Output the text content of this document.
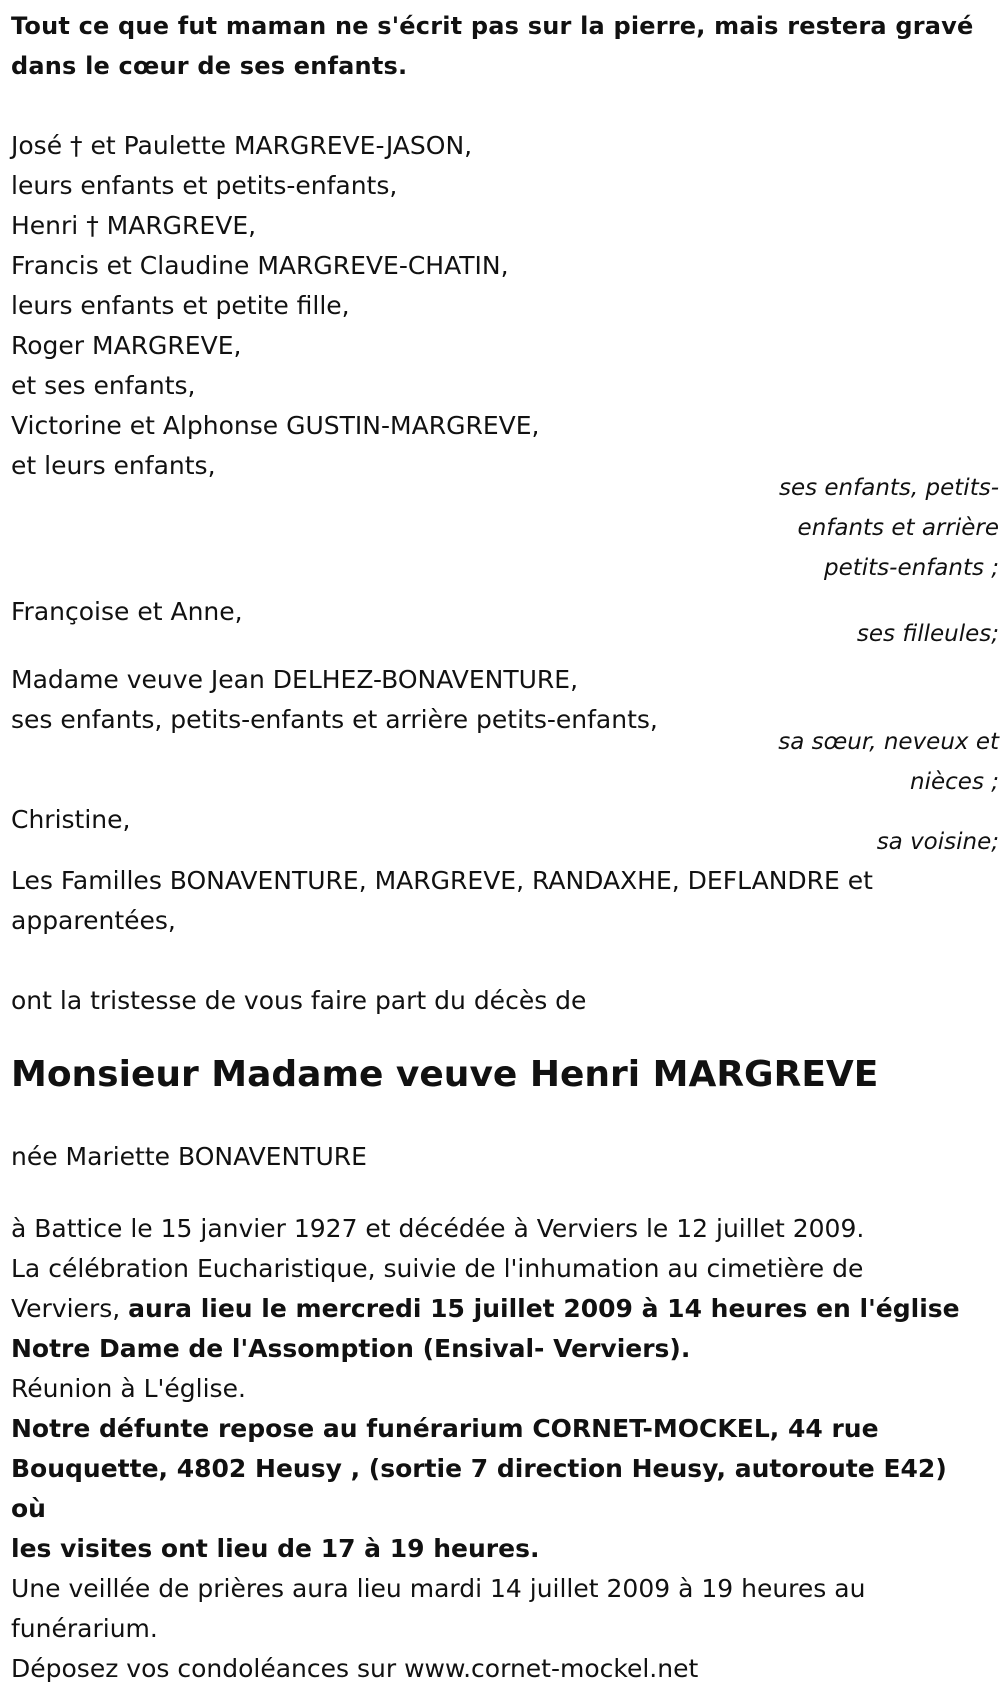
Tout ce que fut maman ne s'écrit pas sur la pierre, mais restera gravé

dans le cœur de ses enfants.

José † et Paulette MARGREVE-JASON,

leurs enfants et petits-enfants,

Henri † MARGREVE,

Francis et Claudine MARGREVE-CHATIN,

leurs enfants et petite fille,

Roger MARGREVE,

et ses enfants,

Victorine et Alphonse GUSTIN-MARGREVE,

et leurs enfants,

ses enfants, petits-
enfants et arrière
petits-enfants ;

Françoise et Anne,

ses filleules;

Madame veuve Jean DELHEZ-BONAVENTURE,

ses enfants, petits-enfants et arrière petits-enfants,

sa sœur, neveux et
nièces ;

Christine,

sa voisine;

Les Familles BONAVENTURE, MARGREVE, RANDAXHE, DEFLANDRE et

apparentées,

ont la tristesse de vous faire part du décès de

Monsieur Madame veuve Henri MARGREVE

née Mariette BONAVENTURE

à Battice le 15 janvier 1927 et décédée à Verviers le 12 juillet 2009.
La célébration Eucharistique, suivie de l'inhumation au cimetière de
Verviers, aura lieu le mercredi 15 juillet 2009 à 14 heures en l'église
Notre Dame de l'Assomption (Ensival- Verviers).
Réunion à L'église.
Notre défunte repose au funérarium CORNET-MOCKEL, 44 rue
Bouquette, 4802 Heusy , (sortie 7 direction Heusy, autoroute E42) où
les visites ont lieu de 17 à 19 heures.
Une veillée de prières aura lieu mardi 14 juillet 2009 à 19 heures au
funérarium.
Déposez vos condoléances sur www.cornet-mockel.net
